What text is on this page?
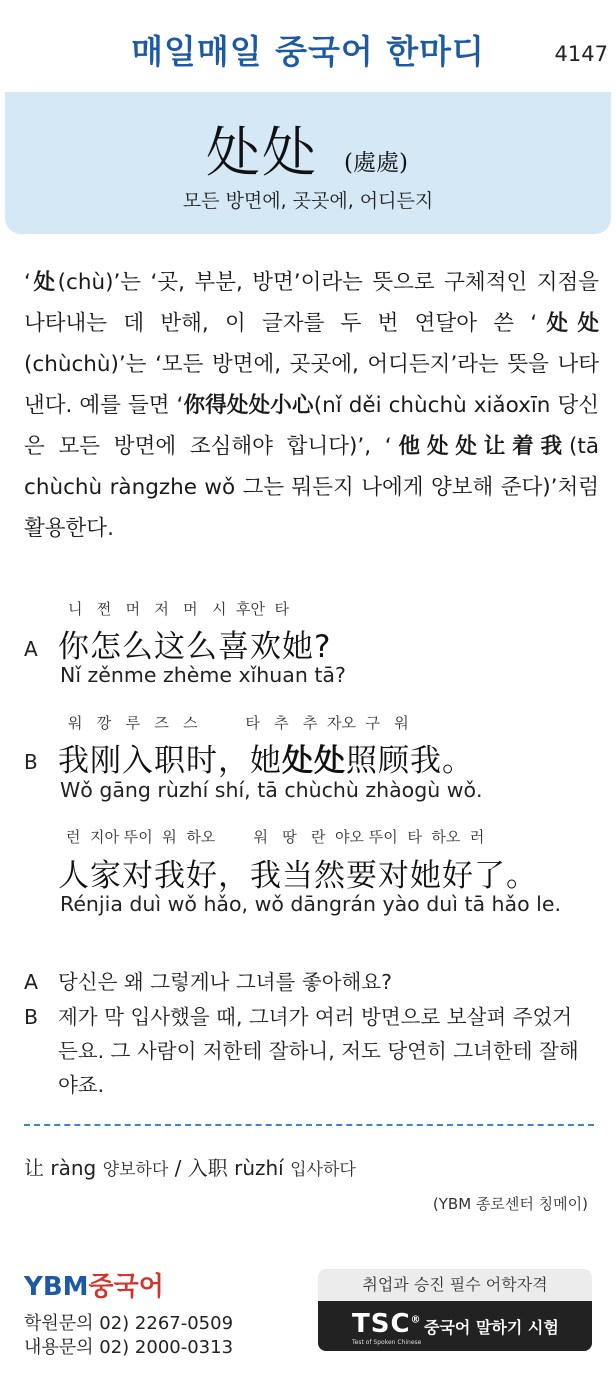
매일매일 중국어 한마디	4147
处处 (處處)
모든 방면에, 곳곳에, 어디든지
‘处(chù)’는 ‘곳, 부분, 방면’이라는 뜻으로 구체적인 지점을 나타내는 데 반해, 이 글자를 두 번 연달아 쓴 ‘处处(chùchù)’는 ‘모든 방면에, 곳곳에, 어디든지’라는 뜻을 나타낸다. 예를 들면 ‘你得处处小心(nǐ děi chùchù xiǎoxīn 당신은 모든 방면에 조심해야 합니다)’, ‘他处处让着我(tā chùchù ràngzhe wǒ 그는 뭐든지 나에게 양보해 준다)’처럼 활용한다.
니   쩐   머   저   머   시  후안  타
A 你怎么这么喜欢她?
Nǐ zěnme zhème xǐhuan tā?
워   깡   루   즈   스          타   추   추  자오  구   워
B 我刚入职时，她处处照顾我。
Wǒ gāng rùzhí shí, tā chùchù zhàogù wǒ.
런  지아 뚜이  워  하오        워   땅   란  야오 뚜이  타  하오  러
人家对我好，我当然要对她好了。
Rénjia duì wǒ hǎo, wǒ dāngrán yào duì tā hǎo le.
A 당신은 왜 그렇게나 그녀를 좋아해요?
B 제가 막 입사했을 때, 그녀가 여러 방면으로 보살펴 주었거든요. 그 사람이 저한테 잘하니, 저도 당연히 그녀한테 잘해야죠.
让 ràng 양보하다 / 入职 rùzhí 입사하다
(YBM 종로센터 칭메이)
YBM중국어
학원문의 02) 2267-0509
내용문의 02) 2000-0313
취업과 승진 필수 어학자격
TSC®
Test of Spoken Chinese
중국어 말하기 시험
